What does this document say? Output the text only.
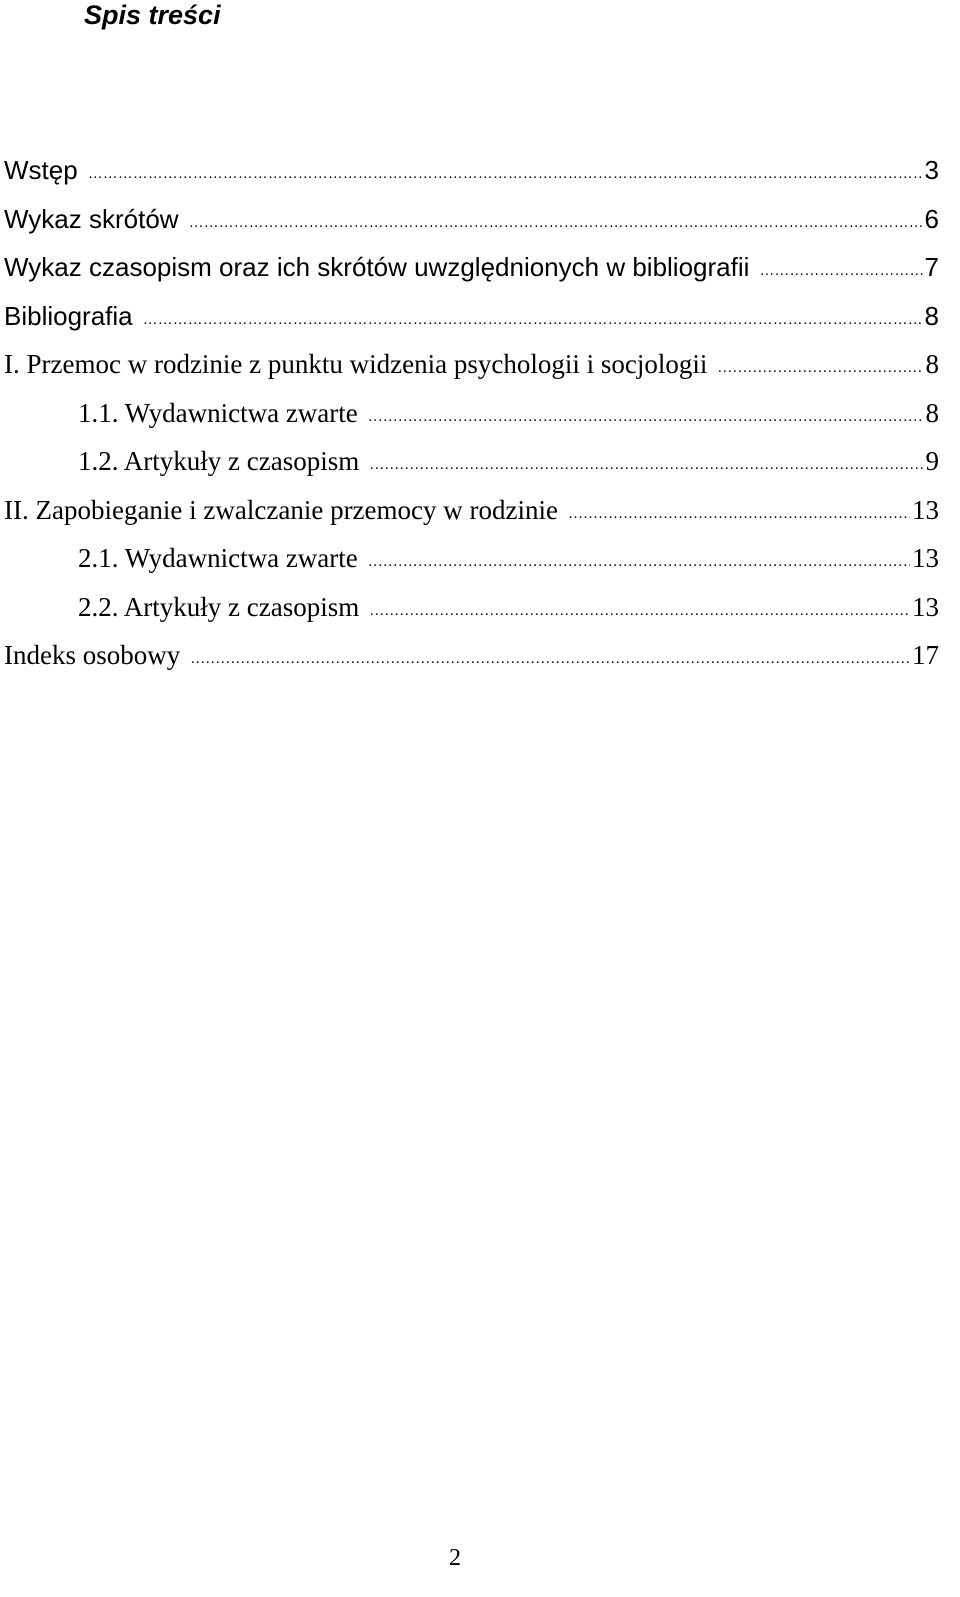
Spis treści
Wstęp …………………………………………………………………………………………………………………………………………………………………………………………	3
Wykaz skrótów …………………………………………………………………………………………………………………………………………………………………………………………	6
Wykaz czasopism oraz ich skrótów uwzględnionych w bibliografii …………………………………………………………………………………………………………………………………………………………………………………………	7
Bibliografia …………………………………………………………………………………………………………………………………………………………………………………………	8
I. Przemoc w rodzinie z punktu widzenia psychologii i socjologii …………………………………………………………………………………………………………………………………………………………………………………………	8
1.1. Wydawnictwa zwarte …………………………………………………………………………………………………………………………………………………………………………………………	8
1.2. Artykuły z czasopism …………………………………………………………………………………………………………………………………………………………………………………………	9
II. Zapobieganie i zwalczanie przemocy w rodzinie …………………………………………………………………………………………………………………………………………………………………………………………	13
2.1. Wydawnictwa zwarte …………………………………………………………………………………………………………………………………………………………………………………………	13
2.2. Artykuły z czasopism …………………………………………………………………………………………………………………………………………………………………………………………	13
Indeks osobowy …………………………………………………………………………………………………………………………………………………………………………………………	17
2
